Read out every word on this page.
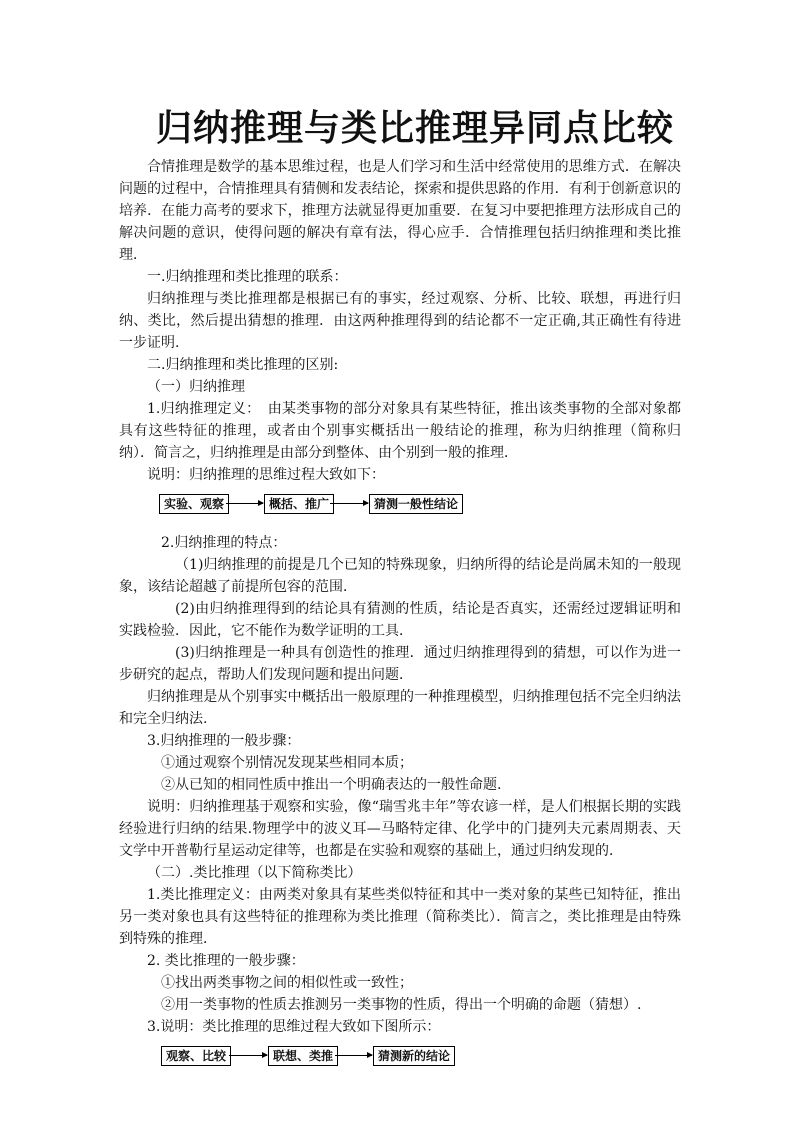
归纳推理与类比推理异同点比较

合情推理是数学的基本思维过程，也是人们学习和生活中经常使用的思维方式．在解决问题的过程中，合情推理具有猜侧和发表结论，探索和提供思路的作用．有利于创新意识的培养．在能力高考的要求下，推理方法就显得更加重要．在复习中要把推理方法形成自己的解决问题的意识，使得问题的解决有章有法，得心应手．合情推理包括归纳推理和类比推理．

一.归纳推理和类比推理的联系：

归纳推理与类比推理都是根据已有的事实，经过观察、分析、比较、联想，再进行归纳、类比，然后提出猜想的推理．由这两种推理得到的结论都不一定正确,其正确性有待进一步证明.

二.归纳推理和类比推理的区别:

（一）归纳推理

1.归纳推理定义：　由某类事物的部分对象具有某些特征，推出该类事物的全部对象都具有这些特征的推理，或者由个别事实概括出一般结论的推理，称为归纳推理（简称归纳）．简言之，归纳推理是由部分到整体、由个别到一般的推理．

说明：归纳推理的思维过程大致如下：

实验、观察	概括、推广	猜测一般性结论

2.归纳推理的特点：

（1)归纳推理的前提是几个已知的特殊现象，归纳所得的结论是尚属未知的一般现象，该结论超越了前提所包容的范围．

(2)由归纳推理得到的结论具有猜测的性质，结论是否真实，还需经过逻辑证明和实践检验．因此，它不能作为数学证明的工具．

(3)归纳推理是一种具有创造性的推理．通过归纳推理得到的猜想，可以作为进一步研究的起点，帮助人们发现问题和提出问题．

归纳推理是从个别事实中概括出一般原理的一种推理模型，归纳推理包括不完全归纳法和完全归纳法.

3.归纳推理的一般步骤：

①通过观察个别情况发现某些相同本质；

②从已知的相同性质中推出一个明确表达的一般性命题.

说明：归纳推理基于观察和实验，像“瑞雪兆丰年”等农谚一样，是人们根据长期的实践经验进行归纳的结果.物理学中的波义耳—马略特定律、化学中的门捷列夫元素周期表、天文学中开普勒行星运动定律等，也都是在实验和观察的基础上，通过归纳发现的．

（二）.类比推理（以下简称类比）

1.类比推理定义：由两类对象具有某些类似特征和其中一类对象的某些已知特征，推出另一类对象也具有这些特征的推理称为类比推理（简称类比）．简言之，类比推理是由特殊到特殊的推理．

2. 类比推理的一般步骤：

①找出两类事物之间的相似性或一致性；

②用一类事物的性质去推测另一类事物的性质，得出一个明确的命题（猜想）.

3.说明：类比推理的思维过程大致如下图所示：

观察、比较	联想、类推	猜测新的结论
